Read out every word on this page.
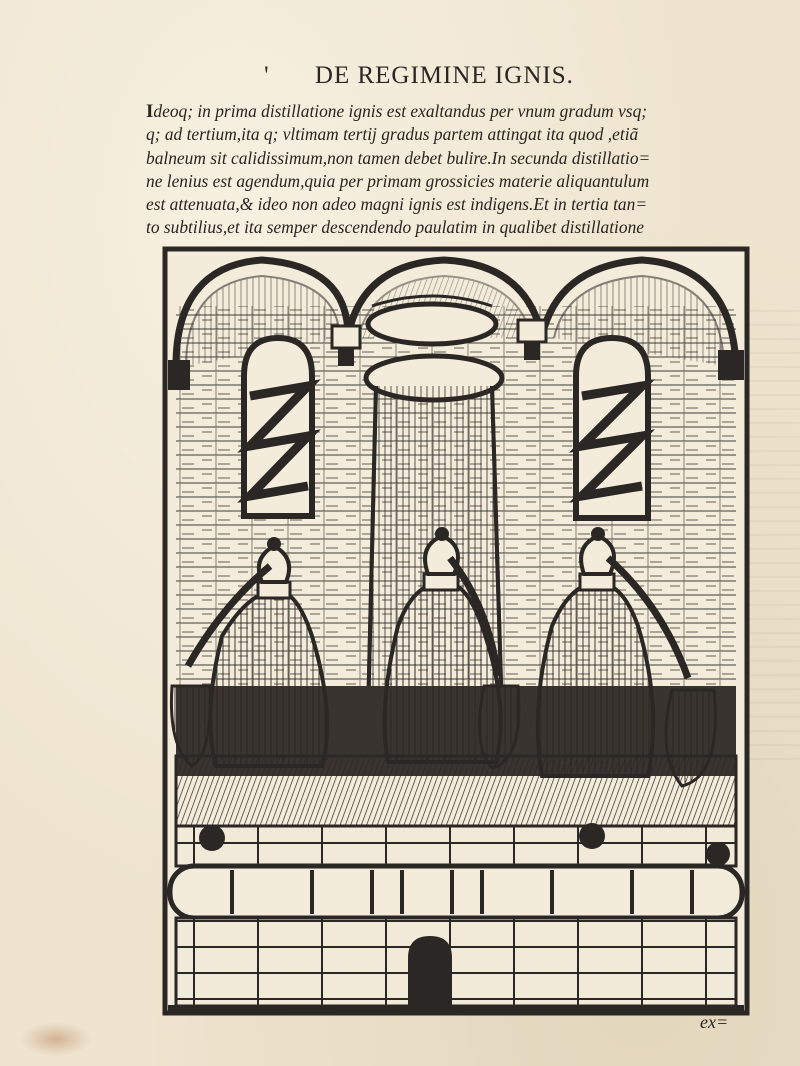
' DE REGIMINE IGNIS.
Ideoq; in prima distillatione ignis est exaltandus per vnum gradum vsq;
q; ad tertium,ita q; vltimam tertij gradus partem attingat ita quod ,etiã
balneum sit calidissimum,non tamen debet bulire.In secunda distillatio=
ne lenius est agendum,quia per primam grossicies materie aliquantulum
est attenuata,& ideo non adeo magni ignis est indigens.Et in tertia tan=
to subtilius,et ita semper descendendo paulatim in qualibet distillatione
ex=
